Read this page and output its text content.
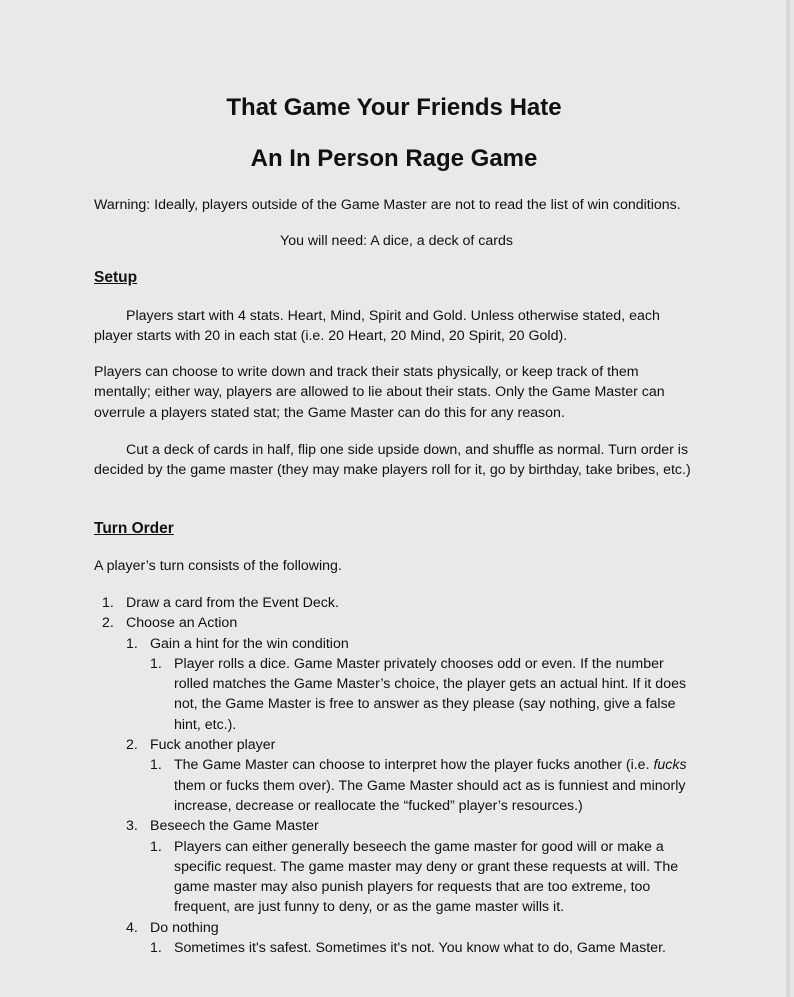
That Game Your Friends Hate
An In Person Rage Game

Warning: Ideally, players outside of the Game Master are not to read the list of win conditions.

You will need: A dice, a deck of cards

Setup

Players start with 4 stats. Heart, Mind, Spirit and Gold. Unless otherwise stated, each player starts with 20 in each stat (i.e. 20 Heart, 20 Mind, 20 Spirit, 20 Gold).

Players can choose to write down and track their stats physically, or keep track of them mentally; either way, players are allowed to lie about their stats. Only the Game Master can overrule a players stated stat; the Game Master can do this for any reason.

Cut a deck of cards in half, flip one side upside down, and shuffle as normal. Turn order is decided by the game master (they may make players roll for it, go by birthday, take bribes, etc.)

Turn Order

A player’s turn consists of the following.

1. Draw a card from the Event Deck.
2. Choose an Action
1. Gain a hint for the win condition
1. Player rolls a dice. Game Master privately chooses odd or even. If the number rolled matches the Game Master’s choice, the player gets an actual hint. If it does not, the Game Master is free to answer as they please (say nothing, give a false hint, etc.).
2. Fuck another player
1. The Game Master can choose to interpret how the player fucks another (i.e. fucks them or fucks them over). The Game Master should act as is funniest and minorly increase, decrease or reallocate the “fucked” player’s resources.)
3. Beseech the Game Master
1. Players can either generally beseech the game master for good will or make a specific request. The game master may deny or grant these requests at will. The game master may also punish players for requests that are too extreme, too frequent, are just funny to deny, or as the game master wills it.
4. Do nothing
1. Sometimes it's safest. Sometimes it's not. You know what to do, Game Master.
